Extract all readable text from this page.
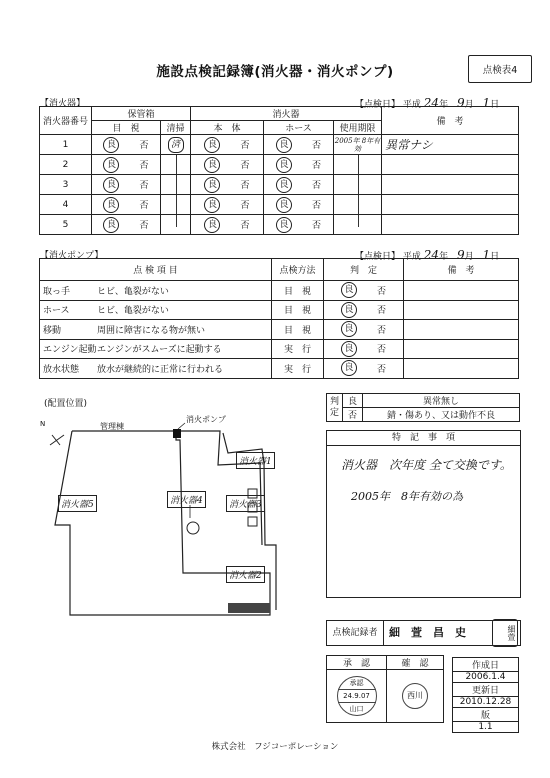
施設点検記録簿(消火器・消火ポンプ)	点検表4
【消火器】	【点検日】 平成 24年 9月 1日
消火器番号	保管箱		消火器			備　考
	目　視	清掃	本　体	ホース	使用期限	
1	良 否	済	良 否	良 否	2005年 8年有効	異常ナシ
2	良 否		良 否	良 否		

3	良 否		良 否	良 否		

4	良 否		良 否	良 否		

5	良 否		良 否	良 否		

【消火ポンプ】	【点検日】 平成 24年 9月 1日
点 検 項 目	点検方法	判　定	備　考
取っ手 ヒビ、亀裂がない	目　視	良 否	

ホース ヒビ、亀裂がない	目　視	良 否	

移動 周囲に障害になる物が無い	目　視	良 否	

エンジン起動エンジンがスムーズに起動する	実　行	良 否	

放水状態 放水が継続的に正常に行われる	実　行	良 否	

(配置位置)
N	管理棟
消火ポンプ
消火器1
消火器4	消火器3
消火器5
消火器2
判
定	良	異常無し
	否	錆・傷あり、又は動作不良
特　記　事　項
消火器　次年度 全て交換です。
2005年　8年有効の為
点検記録者	細　萱　昌　史	細萱
承　認	確　認

承認
24.9.07
山口	西川
作成日
2006.1.4
更新日
2010.12.28
版
1.1
株式会社　フジコーポレーション
